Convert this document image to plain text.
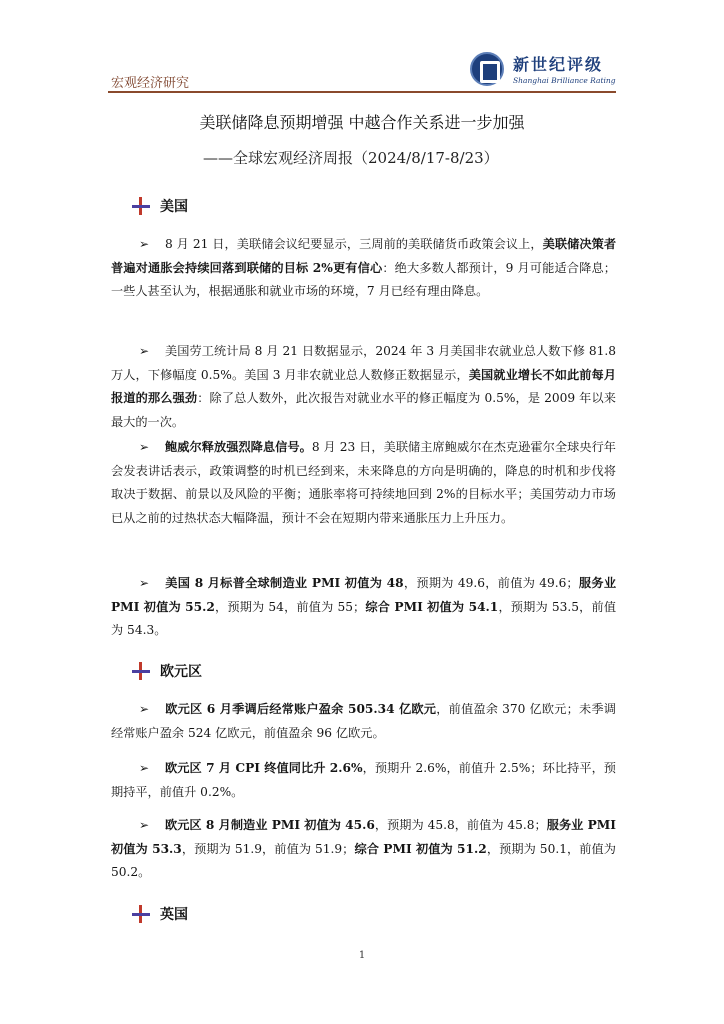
宏观经济研究
新世纪评级
Shanghai Brilliance Rating
美联储降息预期增强 中越合作关系进一步加强
——全球宏观经济周报（2024/8/17-8/23）
美国
➢ 8 月 21 日，美联储会议纪要显示，三周前的美联储货币政策会议上，美联储决策者普遍对通胀会持续回落到联储的目标 2%更有信心：绝大多数人都预计，9 月可能适合降息；一些人甚至认为，根据通胀和就业市场的环境，7 月已经有理由降息。
➢ 美国劳工统计局 8 月 21 日数据显示，2024 年 3 月美国非农就业总人数下修 81.8 万人，下修幅度 0.5%。美国 3 月非农就业总人数修正数据显示，美国就业增长不如此前每月报道的那么强劲：除了总人数外，此次报告对就业水平的修正幅度为 0.5%，是 2009 年以来最大的一次。
➢ 鲍威尔释放强烈降息信号。8 月 23 日，美联储主席鲍威尔在杰克逊霍尔全球央行年会发表讲话表示，政策调整的时机已经到来，未来降息的方向是明确的，降息的时机和步伐将取决于数据、前景以及风险的平衡；通胀率将可持续地回到 2%的目标水平；美国劳动力市场已从之前的过热状态大幅降温，预计不会在短期内带来通胀压力上升压力。
➢ 美国 8 月标普全球制造业 PMI 初值为 48，预期为 49.6，前值为 49.6；服务业 PMI 初值为 55.2，预期为 54，前值为 55；综合 PMI 初值为 54.1，预期为 53.5，前值为 54.3。
欧元区
➢ 欧元区 6 月季调后经常账户盈余 505.34 亿欧元，前值盈余 370 亿欧元；未季调经常账户盈余 524 亿欧元，前值盈余 96 亿欧元。
➢ 欧元区 7 月 CPI 终值同比升 2.6%，预期升 2.6%，前值升 2.5%；环比持平，预期持平，前值升 0.2%。
➢ 欧元区 8 月制造业 PMI 初值为 45.6，预期为 45.8，前值为 45.8；服务业 PMI 初值为 53.3，预期为 51.9，前值为 51.9；综合 PMI 初值为 51.2，预期为 50.1，前值为 50.2。
英国
1
